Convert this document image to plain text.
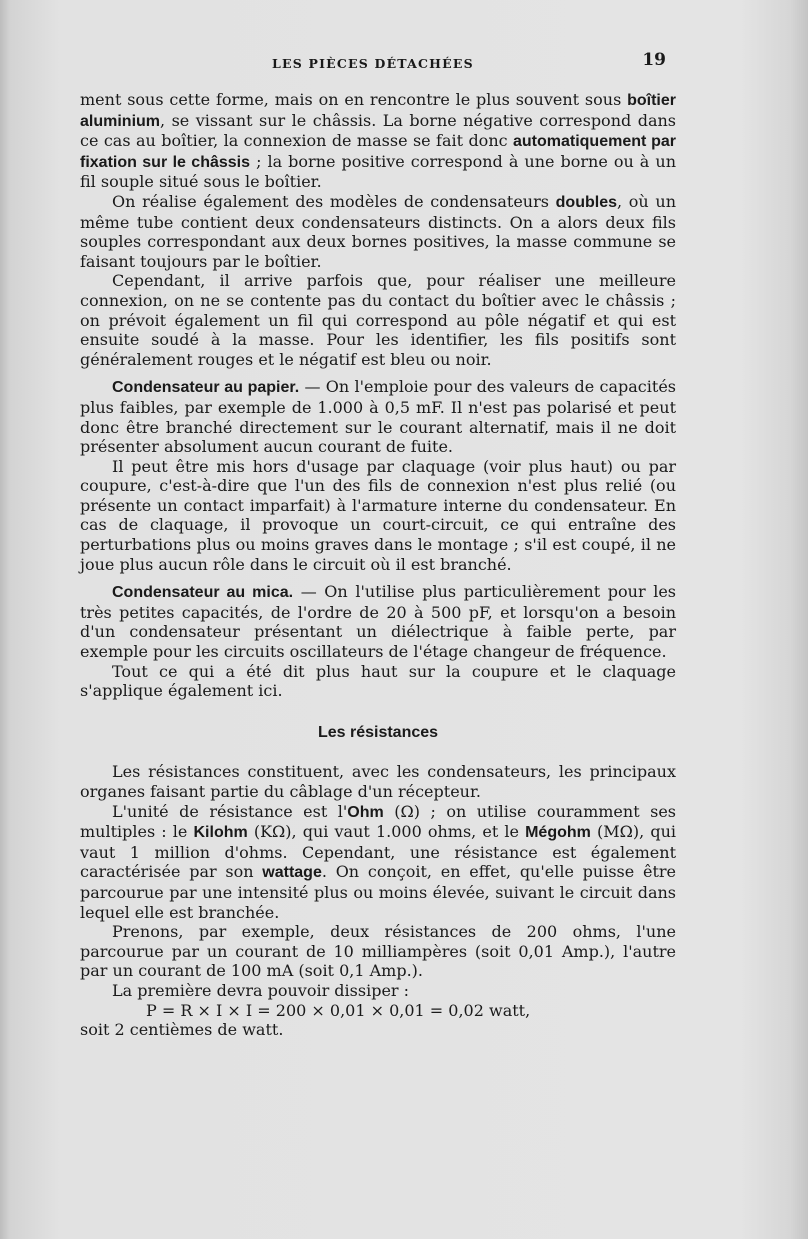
LES PIÈCES DÉTACHÉES	19

ment sous cette forme, mais on en rencontre le plus souvent sous boîtier aluminium, se vissant sur le châssis. La borne négative correspond dans ce cas au boîtier, la connexion de masse se fait donc automatiquement par fixation sur le châssis ; la borne positive correspond à une borne ou à un fil souple situé sous le boîtier.

On réalise également des modèles de condensateurs doubles, où un même tube contient deux condensateurs distincts. On a alors deux fils souples correspondant aux deux bornes positives, la masse commune se faisant toujours par le boîtier.

Cependant, il arrive parfois que, pour réaliser une meilleure connexion, on ne se contente pas du contact du boîtier avec le châssis ; on prévoit également un fil qui correspond au pôle négatif et qui est ensuite soudé à la masse. Pour les identifier, les fils positifs sont généralement rouges et le négatif est bleu ou noir.

Condensateur au papier. — On l'emploie pour des valeurs de capacités plus faibles, par exemple de 1.000 à 0,5 mF. Il n'est pas polarisé et peut donc être branché directement sur le courant alternatif, mais il ne doit présenter absolument aucun courant de fuite.

Il peut être mis hors d'usage par claquage (voir plus haut) ou par coupure, c'est-à-dire que l'un des fils de connexion n'est plus relié (ou présente un contact imparfait) à l'armature interne du condensateur. En cas de claquage, il provoque un court-circuit, ce qui entraîne des perturbations plus ou moins graves dans le montage ; s'il est coupé, il ne joue plus aucun rôle dans le circuit où il est branché.

Condensateur au mica. — On l'utilise plus particulièrement pour les très petites capacités, de l'ordre de 20 à 500 pF, et lorsqu'on a besoin d'un condensateur présentant un diélectrique à faible perte, par exemple pour les circuits oscillateurs de l'étage changeur de fréquence.

Tout ce qui a été dit plus haut sur la coupure et le claquage s'applique également ici.

Les résistances

Les résistances constituent, avec les condensateurs, les principaux organes faisant partie du câblage d'un récepteur.

L'unité de résistance est l'Ohm (Ω) ; on utilise couramment ses multiples : le Kilohm (KΩ), qui vaut 1.000 ohms, et le Mégohm (MΩ), qui vaut 1 million d'ohms. Cependant, une résistance est également caractérisée par son wattage. On conçoit, en effet, qu'elle puisse être parcourue par une intensité plus ou moins élevée, suivant le circuit dans lequel elle est branchée.

Prenons, par exemple, deux résistances de 200 ohms, l'une parcourue par un courant de 10 milliampères (soit 0,01 Amp.), l'autre par un courant de 100 mA (soit 0,1 Amp.).

La première devra pouvoir dissiper :

P = R × I × I = 200 × 0,01 × 0,01 = 0,02 watt,

soit 2 centièmes de watt.
